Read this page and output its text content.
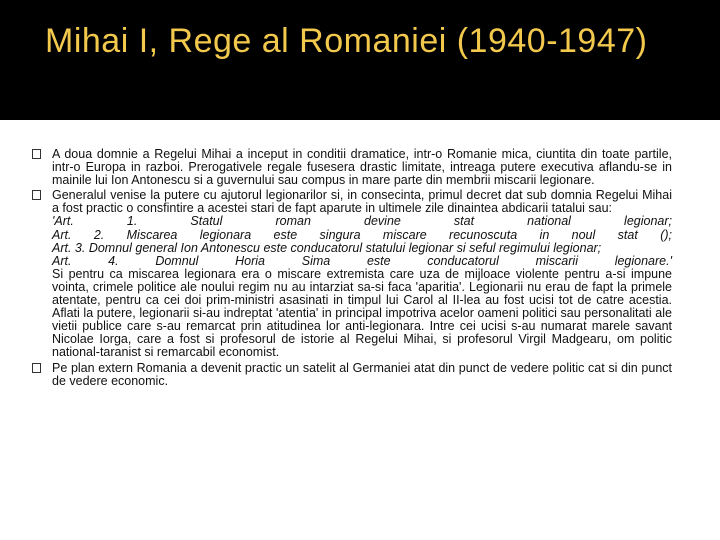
Mihai I, Rege al Romaniei (1940-1947)
A doua domnie a Regelui Mihai a inceput in conditii dramatice, intr-o Romanie mica, ciuntita din toate partile, intr-o Europa in razboi. Prerogativele regale fusesera drastic limitate, intreaga putere executiva aflandu-se in mainile lui Ion Antonescu si a guvernului sau compus in mare parte din membrii miscarii legionare.
Generalul venise la putere cu ajutorul legionarilor si, in consecinta, primul decret dat sub domnia Regelui Mihai a fost practic o consfintire a acestei stari de fapt aparute in ultimele zile dinaintea abdicarii tatalui sau:
'Art. 1. Statul roman devine stat national legionar;
Art. 2. Miscarea legionara este singura miscare recunoscuta in noul stat ();
Art. 3. Domnul general Ion Antonescu este conducatorul statului legionar si seful regimului legionar;
Art. 4. Domnul Horia Sima este conducatorul miscarii legionare.'
Si pentru ca miscarea legionara era o miscare extremista care uza de mijloace violente pentru a-si impune vointa, crimele politice ale noului regim nu au intarziat sa-si faca 'aparitia'. Legionarii nu erau de fapt la primele atentate, pentru ca cei doi prim-ministri asasinati in timpul lui Carol al II-lea au fost ucisi tot de catre acestia. Aflati la putere, legionarii si-au indreptat 'atentia' in principal impotriva acelor oameni politici sau personalitati ale vietii publice care s-au remarcat prin atitudinea lor anti-legionara. Intre cei ucisi s-au numarat marele savant Nicolae Iorga, care a fost si profesorul de istorie al Regelui Mihai, si profesorul Virgil Madgearu, om politic national-taranist si remarcabil economist.
Pe plan extern Romania a devenit practic un satelit al Germaniei atat din punct de vedere politic cat si din punct de vedere economic.
